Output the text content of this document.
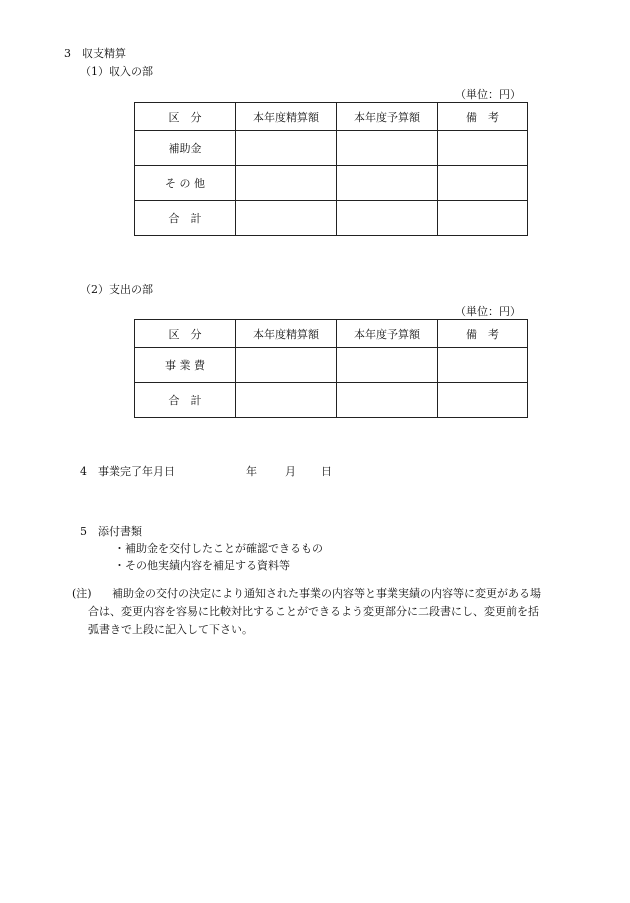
3　収支精算
（1）収入の部
（単位：円）
区　分	本年度精算額	本年度予算額	備　考
補助金			
そ の 他			
合　計			
（2）支出の部
（単位：円）
区　分	本年度精算額	本年度予算額	備　考
事 業 費			
合　計			
4　事業完了年月日	年	月 日
5　添付書類
・補助金を交付したことが確認できるもの
・その他実績内容を補足する資料等
(注) 補助金の交付の決定により通知された事業の内容等と事業実績の内容等に変更がある場
合は、変更内容を容易に比較対比することができるよう変更部分に二段書にし、変更前を括
弧書きで上段に記入して下さい。
